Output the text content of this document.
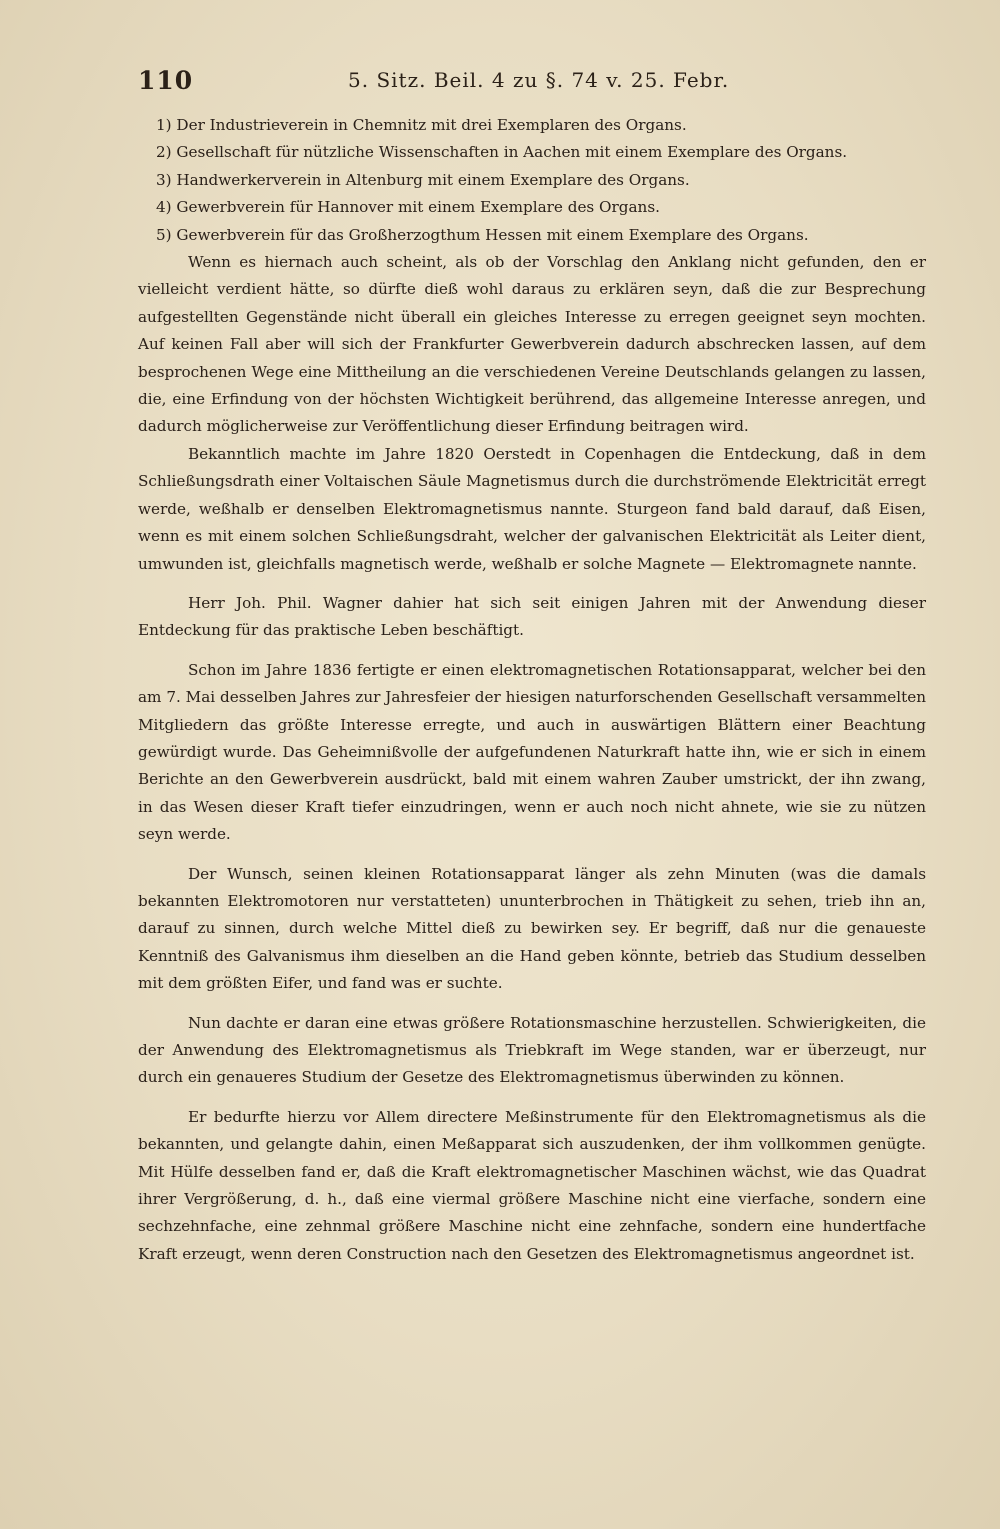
110	5. Sitz. Beil. 4 zu §. 74 v. 25. Febr.
1) Der Industrieverein in Chemnitz mit drei Exemplaren des Organs.
2) Gesellschaft für nützliche Wissenschaften in Aachen mit einem Exemplare des Organs.
3) Handwerkerverein in Altenburg mit einem Exemplare des Organs.
4) Gewerbverein für Hannover mit einem Exemplare des Organs.
5) Gewerbverein für das Großherzogthum Hessen mit einem Exemplare des Organs.

Wenn es hiernach auch scheint, als ob der Vorschlag den Anklang nicht gefunden, den er vielleicht verdient hätte, so dürfte dieß wohl daraus zu erklären seyn, daß die zur Besprechung aufgestellten Gegenstände nicht überall ein gleiches Interesse zu erregen geeignet seyn mochten. Auf keinen Fall aber will sich der Frankfurter Gewerbverein dadurch abschrecken lassen, auf dem besprochenen Wege eine Mittheilung an die verschiedenen Vereine Deutschlands gelangen zu lassen, die, eine Erfindung von der höchsten Wichtigkeit berührend, das allgemeine Interesse anregen, und dadurch möglicherweise zur Veröffentlichung dieser Erfindung beitragen wird.

Bekanntlich machte im Jahre 1820 Oerstedt in Copenhagen die Entdeckung, daß in dem Schließungsdrath einer Voltaischen Säule Magnetismus durch die durchströmende Elektricität erregt werde, weßhalb er denselben Elektromagnetismus nannte. Sturgeon fand bald darauf, daß Eisen, wenn es mit einem solchen Schließungsdraht, welcher der galvanischen Elektricität als Leiter dient, umwunden ist, gleichfalls magnetisch werde, weßhalb er solche Magnete — Elektromagnete nannte.

Herr Joh. Phil. Wagner dahier hat sich seit einigen Jahren mit der Anwendung dieser Entdeckung für das praktische Leben beschäftigt.

Schon im Jahre 1836 fertigte er einen elektromagnetischen Rotationsapparat, welcher bei den am 7. Mai desselben Jahres zur Jahresfeier der hiesigen naturforschenden Gesellschaft versammelten Mitgliedern das größte Interesse erregte, und auch in auswärtigen Blättern einer Beachtung gewürdigt wurde. Das Geheimnißvolle der aufgefundenen Naturkraft hatte ihn, wie er sich in einem Berichte an den Gewerbverein ausdrückt, bald mit einem wahren Zauber umstrickt, der ihn zwang, in das Wesen dieser Kraft tiefer einzudringen, wenn er auch noch nicht ahnete, wie sie zu nützen seyn werde.

Der Wunsch, seinen kleinen Rotationsapparat länger als zehn Minuten (was die damals bekannten Elektromotoren nur verstatteten) ununterbrochen in Thätigkeit zu sehen, trieb ihn an, darauf zu sinnen, durch welche Mittel dieß zu bewirken sey. Er begriff, daß nur die genaueste Kenntniß des Galvanismus ihm dieselben an die Hand geben könnte, betrieb das Studium desselben mit dem größten Eifer, und fand was er suchte.

Nun dachte er daran eine etwas größere Rotationsmaschine herzustellen. Schwierigkeiten, die der Anwendung des Elektromagnetismus als Triebkraft im Wege standen, war er überzeugt, nur durch ein genaueres Studium der Gesetze des Elektromagnetismus überwinden zu können.

Er bedurfte hierzu vor Allem directere Meßinstrumente für den Elektromagnetismus als die bekannten, und gelangte dahin, einen Meßapparat sich auszudenken, der ihm vollkommen genügte. Mit Hülfe desselben fand er, daß die Kraft elektromagnetischer Maschinen wächst, wie das Quadrat ihrer Vergrößerung, d. h., daß eine viermal größere Maschine nicht eine vierfache, sondern eine sechzehnfache, eine zehnmal größere Maschine nicht eine zehnfache, sondern eine hundertfache Kraft erzeugt, wenn deren Construction nach den Gesetzen des Elektromagnetismus angeordnet ist.
